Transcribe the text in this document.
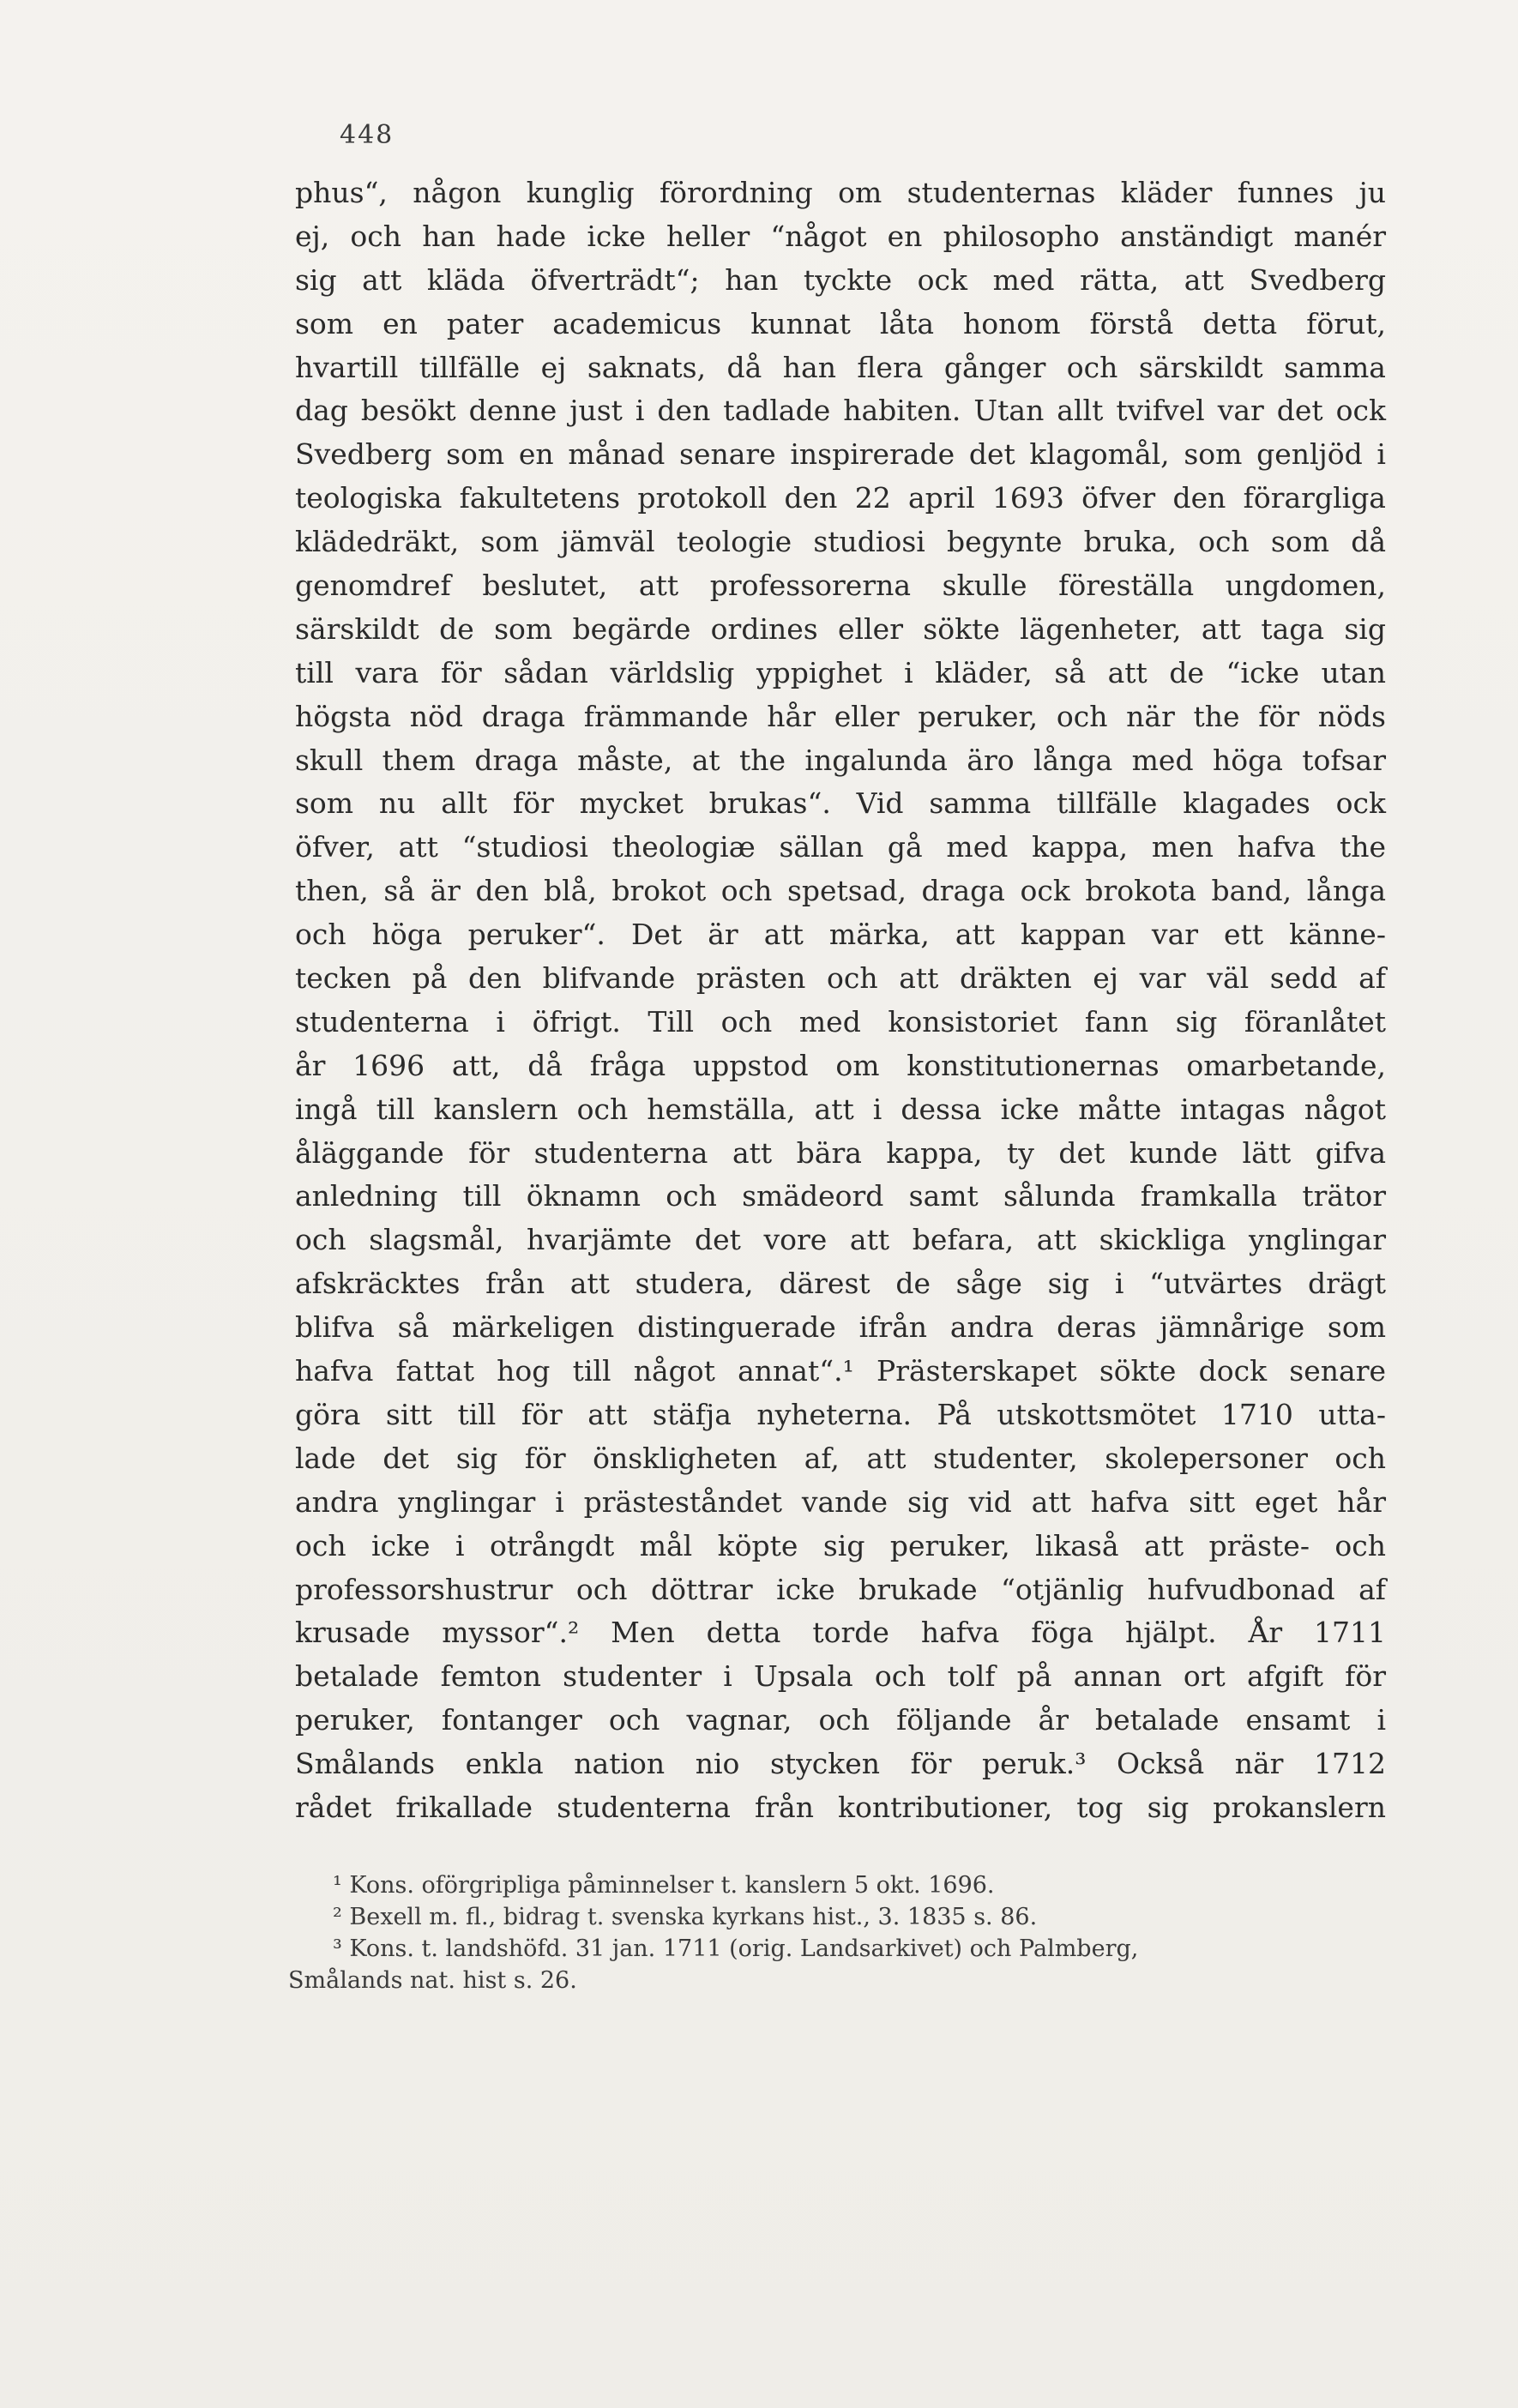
448
phus“, någon kunglig förordning om studenternas kläder funnes ju
ej, och han hade icke heller “något en philosopho anständigt manér
sig att kläda öfverträdt“; han tyckte ock med rätta, att Svedberg
som en pater academicus kunnat låta honom förstå detta förut,
hvartill tillfälle ej saknats, då han flera gånger och särskildt samma
dag besökt denne just i den tadlade habiten. Utan allt tvifvel var det ock
Svedberg som en månad senare inspirerade det klagomål, som genljöd i
teologiska fakultetens protokoll den 22 april 1693 öfver den förargliga
klädedräkt, som jämväl teologie studiosi begynte bruka, och som då
genomdref beslutet, att professorerna skulle föreställa ungdomen,
särskildt de som begärde ordines eller sökte lägenheter, att taga sig
till vara för sådan världslig yppighet i kläder, så att de “icke utan
högsta nöd draga främmande hår eller peruker, och när the för nöds
skull them draga måste, at the ingalunda äro långa med höga tofsar
som nu allt för mycket brukas“. Vid samma tillfälle klagades ock
öfver, att “studiosi theologiæ sällan gå med kappa, men hafva the
then, så är den blå, brokot och spetsad, draga ock brokota band, långa
och höga peruker“. Det är att märka, att kappan var ett känne-
tecken på den blifvande prästen och att dräkten ej var väl sedd af
studenterna i öfrigt. Till och med konsistoriet fann sig föranlåtet
år 1696 att, då fråga uppstod om konstitutionernas omarbetande,
ingå till kanslern och hemställa, att i dessa icke måtte intagas något
åläggande för studenterna att bära kappa, ty det kunde lätt gifva
anledning till öknamn och smädeord samt sålunda framkalla trätor
och slagsmål, hvarjämte det vore att befara, att skickliga ynglingar
afskräcktes från att studera, därest de såge sig i “utvärtes drägt
blifva så märkeligen distinguerade ifrån andra deras jämnårige som
hafva fattat hog till något annat“.¹ Prästerskapet sökte dock senare
göra sitt till för att stäfja nyheterna. På utskottsmötet 1710 utta-
lade det sig för önskligheten af, att studenter, skolepersoner och
andra ynglingar i prästeståndet vande sig vid att hafva sitt eget hår
och icke i otrångdt mål köpte sig peruker, likaså att präste- och
professorshustrur och döttrar icke brukade “otjänlig hufvudbonad af
krusade myssor“.² Men detta torde hafva föga hjälpt. År 1711
betalade femton studenter i Upsala och tolf på annan ort afgift för
peruker, fontanger och vagnar, och följande år betalade ensamt i
Smålands enkla nation nio stycken för peruk.³ Också när 1712
rådet frikallade studenterna från kontributioner, tog sig prokanslern
¹ Kons. oförgripliga påminnelser t. kanslern 5 okt. 1696.
² Bexell m. fl., bidrag t. svenska kyrkans hist., 3. 1835 s. 86.
³ Kons. t. landshöfd. 31 jan. 1711 (orig. Landsarkivet) och Palmberg,
Smålands nat. hist s. 26.
